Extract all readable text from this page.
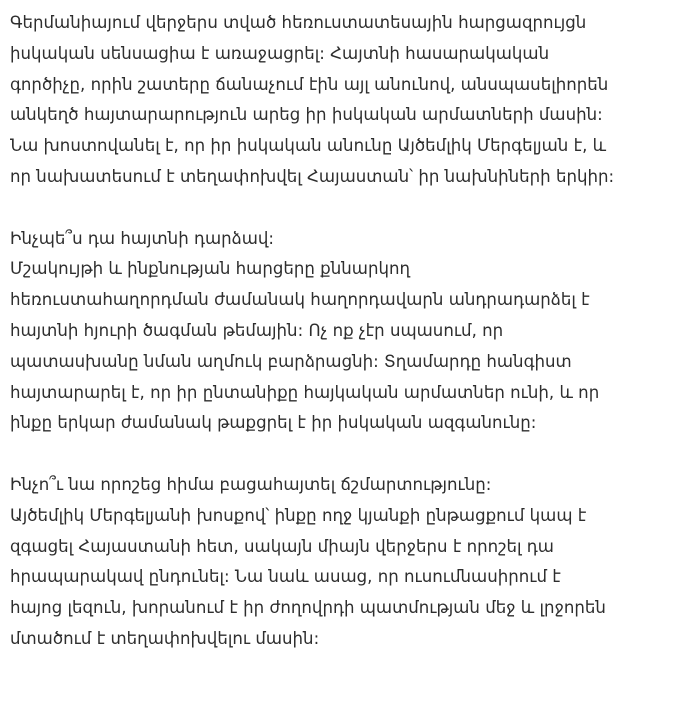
Գերմանիայում վերջերս տված հեռուստատեսային հարցազրույցն
իսկական սենսացիա է առաջացրել: Հայտնի հասարակական
գործիչը, որին շատերը ճանաչում էին այլ անունով, անսպասելիորեն
անկեղծ հայտարարություն արեց իր իսկական արմատների մասին:
Նա խոստովանել է, որ իր իսկական անունը Այծեմլիկ Մերգելյան է, և
որ նախատեսում է տեղափոխվել Հայաստան՝ իր նախնիների երկիր:
Ինչպե՞ս դա հայտնի դարձավ:
Մշակույթի և ինքնության հարցերը քննարկող
հեռուստահաղորդման ժամանակ հաղորդավարն անդրադարձել է
հայտնի հյուրի ծագման թեմային: Ոչ ոք չէր սպասում, որ
պատասխանը նման աղմուկ բարձրացնի: Տղամարդը հանգիստ
հայտարարել է, որ իր ընտանիքը հայկական արմատներ ունի, և որ
ինքը երկար ժամանակ թաքցրել է իր իսկական ազգանունը:
Ինչո՞ւ նա որոշեց հիմա բացահայտել ճշմարտությունը:
Այծեմլիկ Մերգելյանի խոսքով՝ ինքը ողջ կյանքի ընթացքում կապ է
զգացել Հայաստանի հետ, սակայն միայն վերջերս է որոշել դա
հրապարակավ ընդունել: Նա նաև ասաց, որ ուսումնասիրում է
հայոց լեզուն, խորանում է իր ժողովրդի պատմության մեջ և լրջորեն
մտածում է տեղափոխվելու մասին:
